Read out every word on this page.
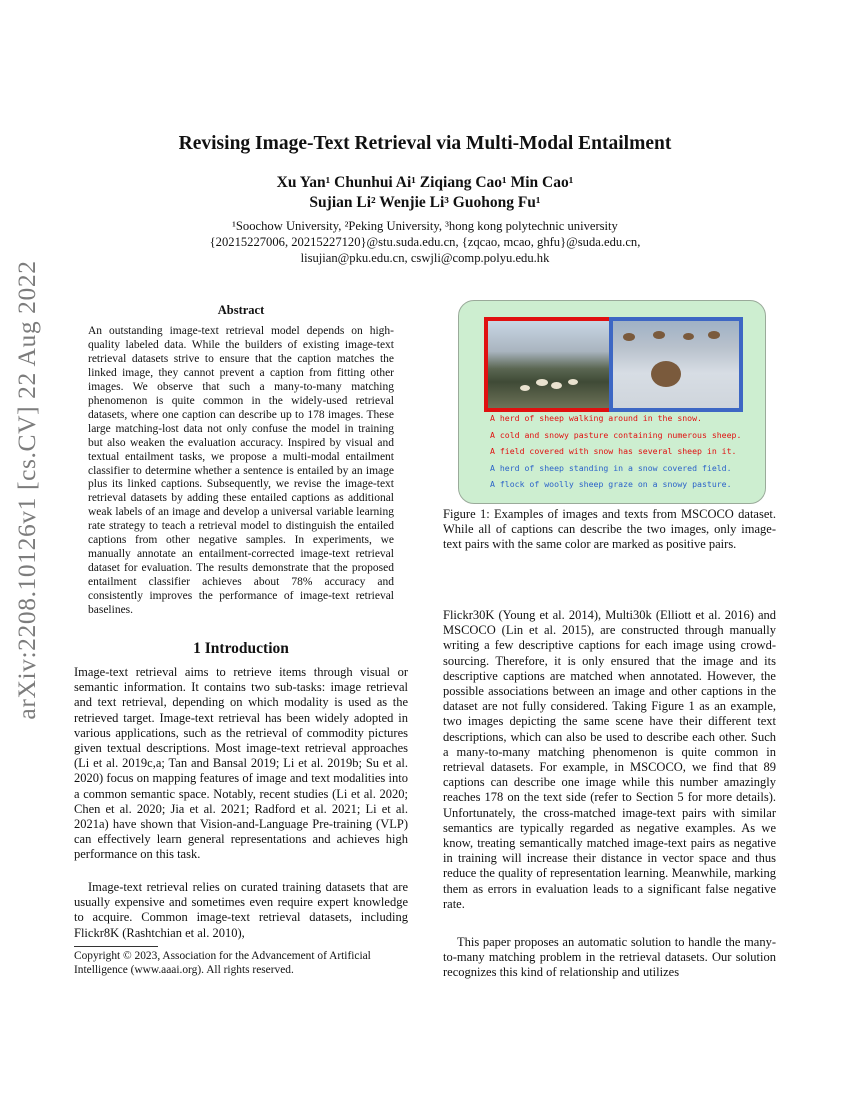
arXiv:2208.10126v1 [cs.CV] 22 Aug 2022
Revising Image-Text Retrieval via Multi-Modal Entailment
Xu Yan¹ Chunhui Ai¹ Ziqiang Cao¹ Min Cao¹
Sujian Li² Wenjie Li³ Guohong Fu¹
¹Soochow University, ²Peking University, ³hong kong polytechnic university
{20215227006, 20215227120}@stu.suda.edu.cn, {zqcao, mcao, ghfu}@suda.edu.cn,
lisujian@pku.edu.cn, cswjli@comp.polyu.edu.hk
Abstract
An outstanding image-text retrieval model depends on high-quality labeled data. While the builders of existing image-text retrieval datasets strive to ensure that the caption matches the linked image, they cannot prevent a caption from fitting other images. We observe that such a many-to-many matching phenomenon is quite common in the widely-used retrieval datasets, where one caption can describe up to 178 images. These large matching-lost data not only confuse the model in training but also weaken the evaluation accuracy. Inspired by visual and textual entailment tasks, we propose a multi-modal entailment classifier to determine whether a sentence is entailed by an image plus its linked captions. Subsequently, we revise the image-text retrieval datasets by adding these entailed captions as additional weak labels of an image and develop a universal variable learning rate strategy to teach a retrieval model to distinguish the entailed captions from other negative samples. In experiments, we manually annotate an entailment-corrected image-text retrieval dataset for evaluation. The results demonstrate that the proposed entailment classifier achieves about 78% accuracy and consistently improves the performance of image-text retrieval baselines.
1 Introduction
Image-text retrieval aims to retrieve items through visual or semantic information. It contains two sub-tasks: image retrieval and text retrieval, depending on which modality is used as the retrieved target. Image-text retrieval has been widely adopted in various applications, such as the retrieval of commodity pictures given textual descriptions. Most image-text retrieval approaches (Li et al. 2019c,a; Tan and Bansal 2019; Li et al. 2019b; Su et al. 2020) focus on mapping features of image and text modalities into a common semantic space. Notably, recent studies (Li et al. 2020; Chen et al. 2020; Jia et al. 2021; Radford et al. 2021; Li et al. 2021a) have shown that Vision-and-Language Pre-training (VLP) can effectively learn general representations and achieves high performance on this task.
Image-text retrieval relies on curated training datasets that are usually expensive and sometimes even require expert knowledge to acquire. Common image-text retrieval datasets, including Flickr8K (Rashtchian et al. 2010),
Copyright © 2023, Association for the Advancement of Artificial Intelligence (www.aaai.org). All rights reserved.
A herd of sheep walking around in the snow.
A cold and snowy pasture containing numerous sheep.
A field covered with snow has several sheep in it.
A herd of sheep standing in a snow covered field.
A flock of woolly sheep graze on a snowy pasture.
Figure 1: Examples of images and texts from MSCOCO dataset. While all of captions can describe the two images, only image-text pairs with the same color are marked as positive pairs.
Flickr30K (Young et al. 2014), Multi30k (Elliott et al. 2016) and MSCOCO (Lin et al. 2015), are constructed through manually writing a few descriptive captions for each image using crowd-sourcing. Therefore, it is only ensured that the image and its descriptive captions are matched when annotated. However, the possible associations between an image and other captions in the dataset are not fully considered. Taking Figure 1 as an example, two images depicting the same scene have their different text descriptions, which can also be used to describe each other. Such a many-to-many matching phenomenon is quite common in retrieval datasets. For example, in MSCOCO, we find that 89 captions can describe one image while this number amazingly reaches 178 on the text side (refer to Section 5 for more details). Unfortunately, the cross-matched image-text pairs with similar semantics are typically regarded as negative examples. As we know, treating semantically matched image-text pairs as negative in training will increase their distance in vector space and thus reduce the quality of representation learning. Meanwhile, marking them as errors in evaluation leads to a significant false negative rate.
This paper proposes an automatic solution to handle the many-to-many matching problem in the retrieval datasets. Our solution recognizes this kind of relationship and utilizes
